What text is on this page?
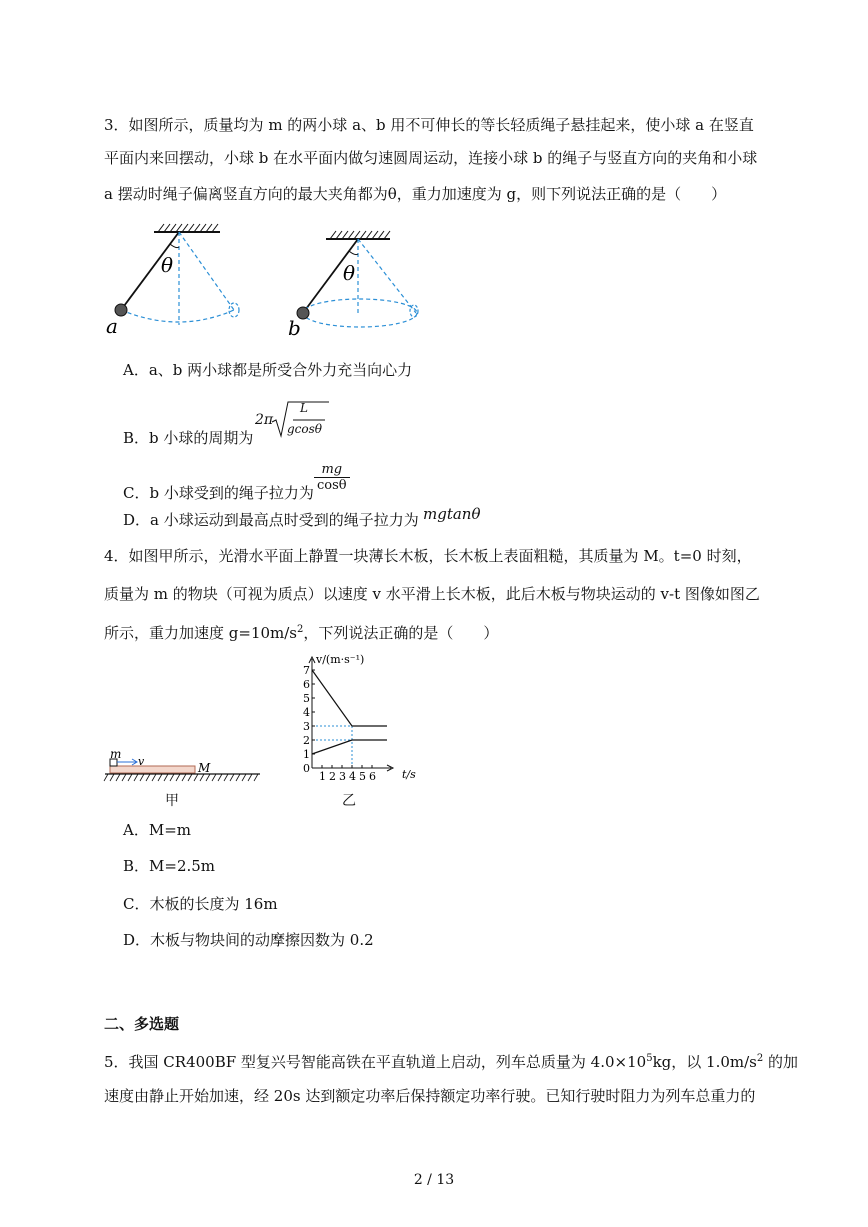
3．如图所示，质量均为 m 的两小球 a、b 用不可伸长的等长轻质绳子悬挂起来，使小球 a 在竖直
平面内来回摆动，小球 b 在水平面内做匀速圆周运动，连接小球 b 的绳子与竖直方向的夹角和小球
a 摆动时绳子偏离竖直方向的最大夹角都为θ，重力加速度为 g，则下列说法正确的是（　　）
θ
a
θ
b
A．a、b 两小球都是所受合外力充当向心力
B．b 小球的周期为
2π
L
gcosθ
C．b 小球受到的绳子拉力为 $\frac{mg}{\cos\theta}$
D．a 小球运动到最高点时受到的绳子拉力为 mgtanθ
4．如图甲所示，光滑水平面上静置一块薄长木板，长木板上表面粗糙，其质量为 M。t=0 时刻，
质量为 m 的物块（可视为质点）以速度 v 水平滑上长木板，此后木板与物块运动的 v-t 图像如图乙
所示，重力加速度 $g=10m/s^2$，下列说法正确的是（　　）
m
v	M
甲
0
1
2
3
4
5
6
7
1 2 3 4 5 6
v/(m·s⁻¹)
t/s
乙
A．M=m
B．M=2.5m
C．木板的长度为 16m
D．木板与物块间的动摩擦因数为 0.2
二、多选题
5．我国 CR400BF 型复兴号智能高铁在平直轨道上启动，列车总质量为 $4.0\times 10^5kg$，以 $1.0m/s^2$ 的加
速度由静止开始加速，经 20s 达到额定功率后保持额定功率行驶。已知行驶时阻力为列车总重力的
2 / 13
